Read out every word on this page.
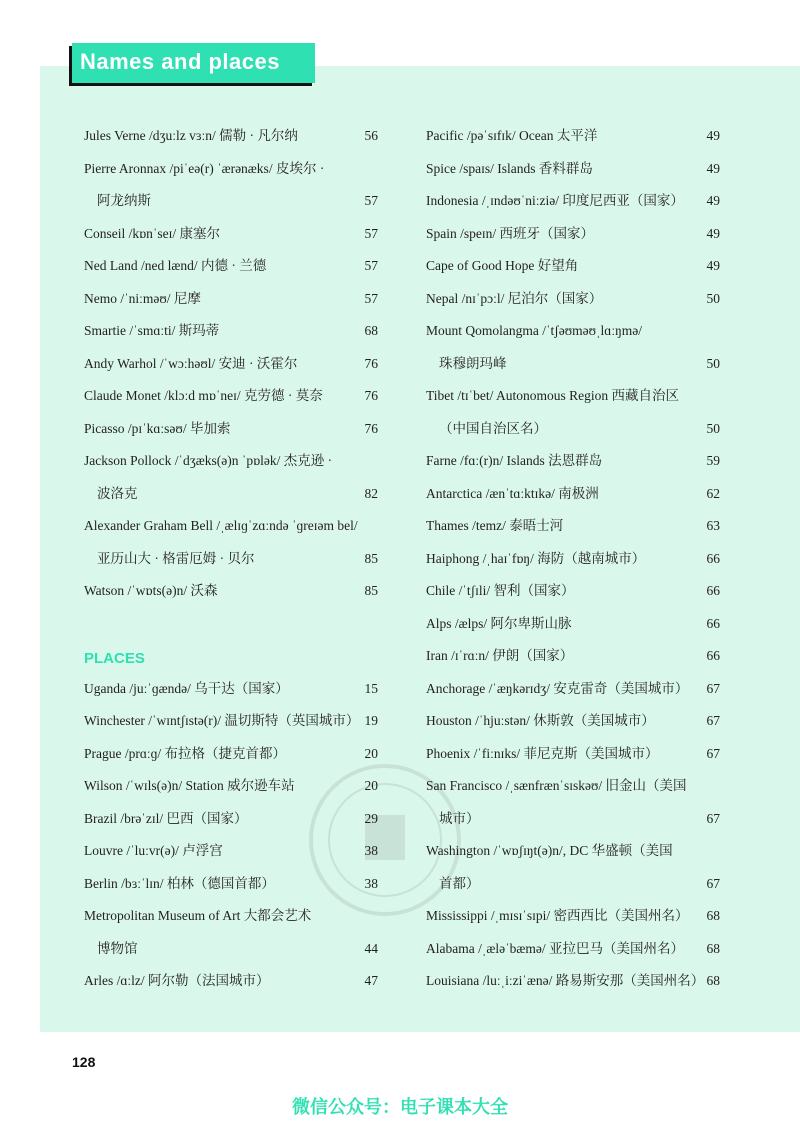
Names and places
Jules Verne /dʒuːlz vɜːn/ 儒勒 · 凡尔纳	56
Pierre Aronnax /piˈeə(r) ˈærənæks/ 皮埃尔 ·
阿龙纳斯	57
Conseil /kɒnˈseɪ/ 康塞尔	57
Ned Land /ned lænd/ 内德 · 兰德	57
Nemo /ˈniːməʊ/ 尼摩	57
Smartie /ˈsmɑːti/ 斯玛蒂	68
Andy Warhol /ˈwɔːhəʊl/ 安迪 · 沃霍尔	76
Claude Monet /klɔːd mɒˈneɪ/ 克劳德 · 莫奈	76
Picasso /pɪˈkɑːsəʊ/ 毕加索	76
Jackson Pollock /ˈdʒæks(ə)n ˈpɒlək/ 杰克逊 ·
波洛克	82
Alexander Graham Bell /ˌælɪɡˈzɑːndə ˈɡreɪəm bel/
亚历山大 · 格雷厄姆 · 贝尔	85
Watson /ˈwɒts(ə)n/ 沃森	85
PLACES
Uganda /juːˈɡændə/ 乌干达（国家）	15
Winchester /ˈwɪntʃɪstə(r)/ 温切斯特（英国城市） 19
Prague /prɑːɡ/ 布拉格（捷克首都）	20
Wilson /ˈwɪls(ə)n/ Station 威尔逊车站	20
Brazil /brəˈzɪl/ 巴西（国家）	29
Louvre /ˈluːvr(ə)/ 卢浮宫	38
Berlin /bɜːˈlɪn/ 柏林（德国首都）	38
Metropolitan Museum of Art 大都会艺术
博物馆	44
Arles /ɑːlz/ 阿尔勒（法国城市）	47
Pacific /pəˈsɪfɪk/ Ocean 太平洋	49
Spice /spaɪs/ Islands 香料群岛	49
Indonesia /ˌɪndəʊˈniːziə/ 印度尼西亚（国家） 49
Spain /speɪn/ 西班牙（国家）	49
Cape of Good Hope 好望角	49
Nepal /nɪˈpɔːl/ 尼泊尔（国家）	50
Mount Qomolangma /ˈtʃəʊməʊˌlɑːŋmə/
珠穆朗玛峰	50
Tibet /tɪˈbet/ Autonomous Region 西藏自治区
（中国自治区名）	50
Farne /fɑː(r)n/ Islands 法恩群岛	59
Antarctica /ænˈtɑːktɪkə/ 南极洲	62
Thames /temz/ 泰晤士河	63
Haiphong /ˌhaɪˈfɒŋ/ 海防（越南城市）	66
Chile /ˈtʃɪli/ 智利（国家）	66
Alps /ælps/ 阿尔卑斯山脉	66
Iran /ɪˈrɑːn/ 伊朗（国家）	66
Anchorage /ˈæŋkərɪdʒ/ 安克雷奇（美国城市） 67
Houston /ˈhjuːstən/ 休斯敦（美国城市）	67
Phoenix /ˈfiːnɪks/ 菲尼克斯（美国城市）	67
San Francisco /ˌsænfrænˈsɪskəʊ/ 旧金山（美国
城市）	67
Washington /ˈwɒʃɪŋt(ə)n/, DC 华盛顿（美国
首都）	67
Mississippi /ˌmɪsɪˈsɪpi/ 密西西比（美国州名） 68
Alabama /ˌæləˈbæmə/ 亚拉巴马（美国州名） 68
Louisiana /luːˌiːziˈænə/ 路易斯安那（美国州名） 68
128
微信公众号：电子课本大全
